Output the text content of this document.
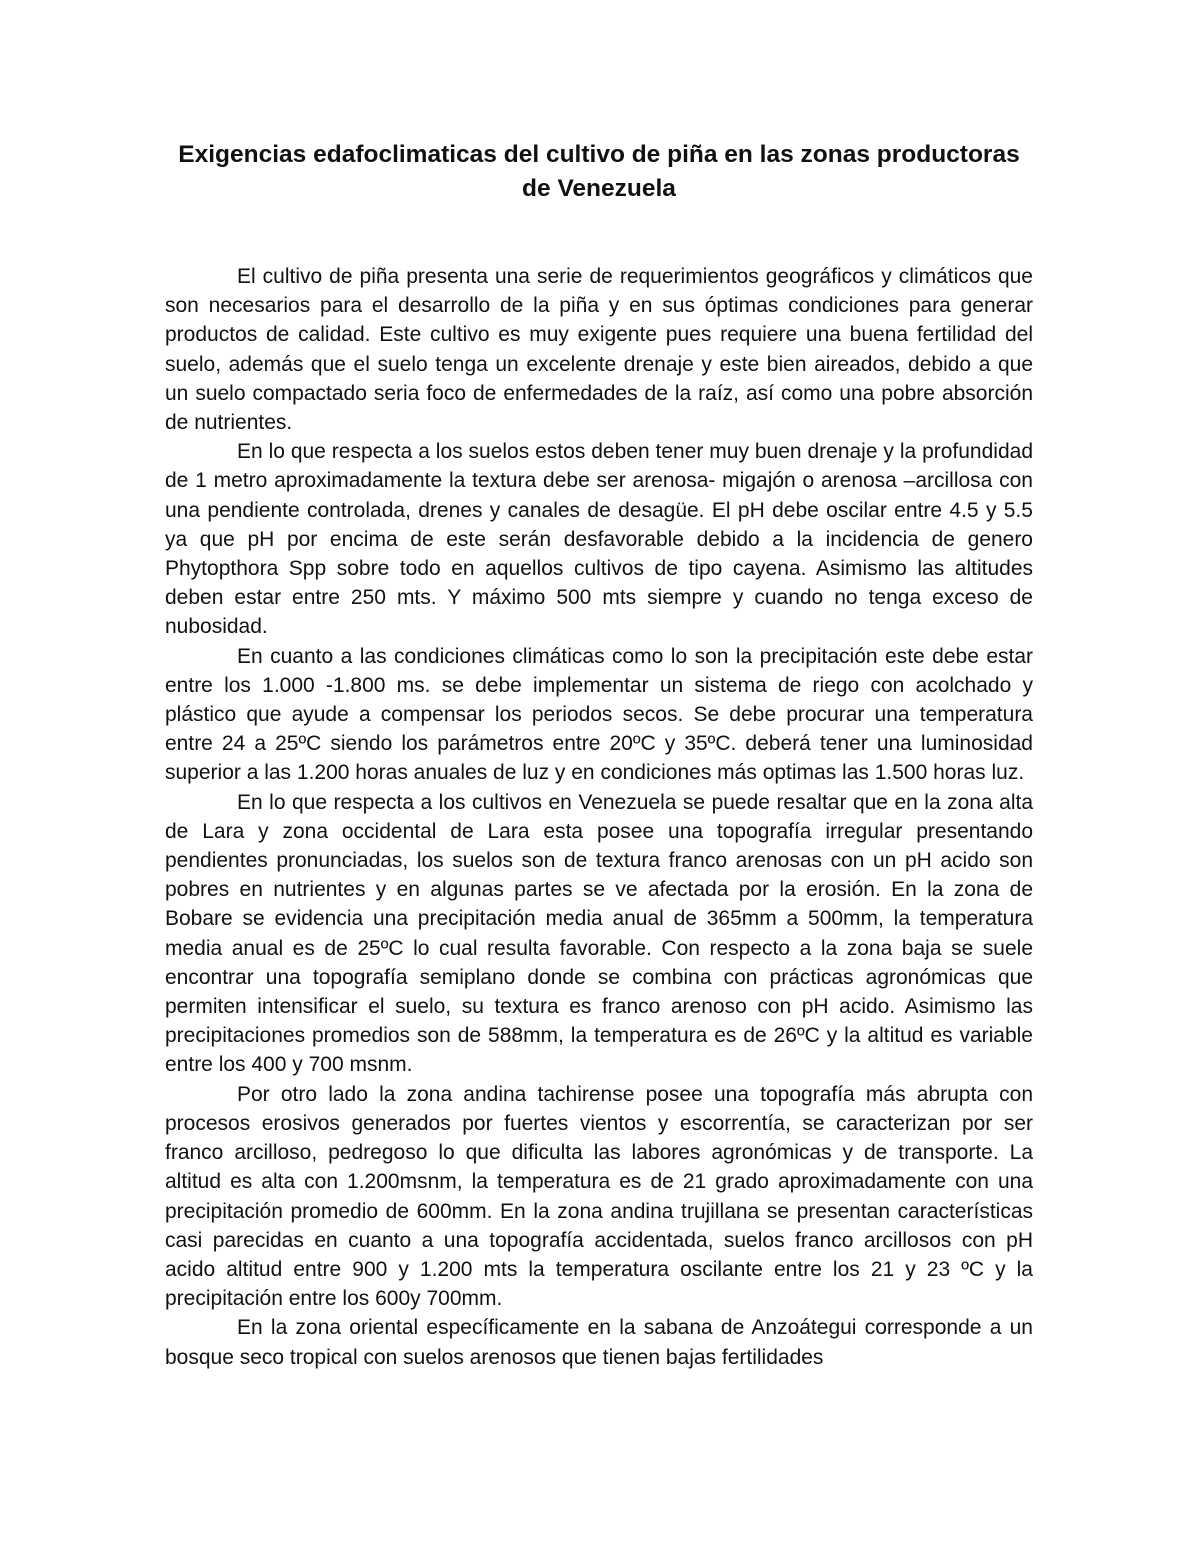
Exigencias edafoclimaticas del cultivo de piña en las zonas productoras de Venezuela

El cultivo de piña presenta una serie de requerimientos geográficos y climáticos que son necesarios para el desarrollo de la piña y en sus óptimas condiciones para generar productos de calidad. Este cultivo es muy exigente pues requiere una buena fertilidad del suelo, además que el suelo tenga un excelente drenaje y este bien aireados, debido a que un suelo compactado seria foco de enfermedades de la raíz, así como una pobre absorción de nutrientes.

En lo que respecta a los suelos estos deben tener muy buen drenaje y la profundidad de 1 metro aproximadamente la textura debe ser arenosa- migajón o arenosa –arcillosa con una pendiente controlada, drenes y canales de desagüe. El pH debe oscilar entre 4.5 y 5.5 ya que pH por encima de este serán desfavorable debido a la incidencia de genero Phytopthora Spp sobre todo en aquellos cultivos de tipo cayena. Asimismo las altitudes deben estar entre 250 mts. Y máximo 500 mts siempre y cuando no tenga exceso de nubosidad.

En cuanto a las condiciones climáticas como lo son la precipitación este debe estar entre los 1.000 -1.800 ms. se debe implementar un sistema de riego con acolchado y plástico que ayude a compensar los periodos secos. Se debe procurar una temperatura entre 24 a 25ºC siendo los parámetros entre 20ºC y 35ºC. deberá tener una luminosidad superior a las 1.200 horas anuales de luz y en condiciones más optimas las 1.500 horas luz.

En lo que respecta a los cultivos en Venezuela se puede resaltar que en la zona alta de Lara y zona occidental de Lara esta posee una topografía irregular presentando pendientes pronunciadas, los suelos son de textura franco arenosas con un pH acido son pobres en nutrientes y en algunas partes se ve afectada por la erosión. En la zona de Bobare se evidencia una precipitación media anual de 365mm a 500mm, la temperatura media anual es de 25ºC lo cual resulta favorable. Con respecto a la zona baja se suele encontrar una topografía semiplano donde se combina con prácticas agronómicas que permiten intensificar el suelo, su textura es franco arenoso con pH acido. Asimismo las precipitaciones promedios son de 588mm, la temperatura es de 26ºC y la altitud es variable entre los 400 y 700 msnm.

Por otro lado la zona andina tachirense posee una topografía más abrupta con procesos erosivos generados por fuertes vientos y escorrentía, se caracterizan por ser franco arcilloso, pedregoso lo que dificulta las labores agronómicas y de transporte. La altitud es alta con 1.200msnm, la temperatura es de 21 grado aproximadamente con una precipitación promedio de 600mm. En la zona andina trujillana se presentan características casi parecidas en cuanto a una topografía accidentada, suelos franco arcillosos con pH acido altitud entre 900 y 1.200 mts la temperatura oscilante entre los 21 y 23 ºC y la precipitación entre los 600y 700mm.

En la zona oriental específicamente en la sabana de Anzoátegui corresponde a un bosque seco tropical con suelos arenosos que tienen bajas fertilidades
